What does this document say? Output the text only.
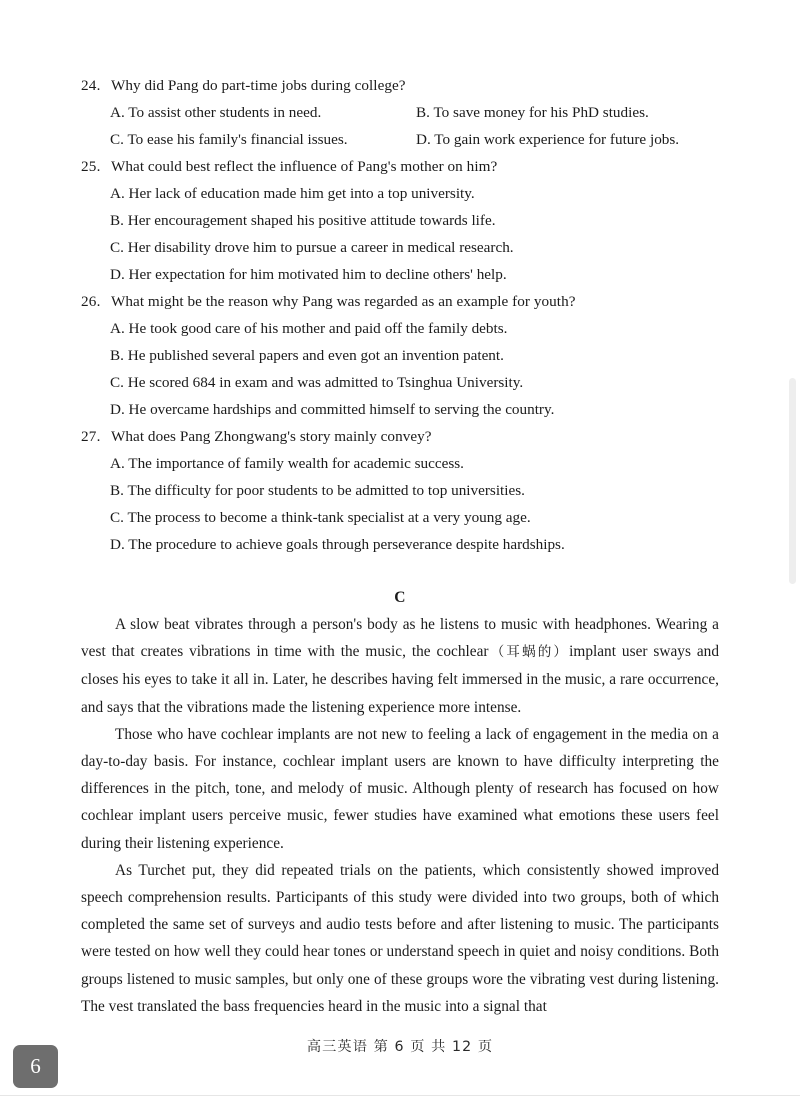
24. Why did Pang do part-time jobs during college?
A. To assist other students in need.	B. To save money for his PhD studies.
C. To ease his family's financial issues.	D. To gain work experience for future jobs.
25. What could best reflect the influence of Pang's mother on him?
A. Her lack of education made him get into a top university.
B. Her encouragement shaped his positive attitude towards life.
C. Her disability drove him to pursue a career in medical research.
D. Her expectation for him motivated him to decline others' help.
26. What might be the reason why Pang was regarded as an example for youth?
A. He took good care of his mother and paid off the family debts.
B. He published several papers and even got an invention patent.
C. He scored 684 in exam and was admitted to Tsinghua University.
D. He overcame hardships and committed himself to serving the country.
27. What does Pang Zhongwang's story mainly convey?
A. The importance of family wealth for academic success.
B. The difficulty for poor students to be admitted to top universities.
C. The process to become a think-tank specialist at a very young age.
D. The procedure to achieve goals through perseverance despite hardships.
C

A slow beat vibrates through a person's body as he listens to music with headphones. Wearing a vest that creates vibrations in time with the music, the cochlear（耳蜗的）implant user sways and closes his eyes to take it all in. Later, he describes having felt immersed in the music, a rare occurrence, and says that the vibrations made the listening experience more intense.

Those who have cochlear implants are not new to feeling a lack of engagement in the media on a day-to-day basis. For instance, cochlear implant users are known to have difficulty interpreting the differences in the pitch, tone, and melody of music. Although plenty of research has focused on how cochlear implant users perceive music, fewer studies have examined what emotions these users feel during their listening experience.

As Turchet put, they did repeated trials on the patients, which consistently showed improved speech comprehension results. Participants of this study were divided into two groups, both of which completed the same set of surveys and audio tests before and after listening to music. The participants were tested on how well they could hear tones or understand speech in quiet and noisy conditions. Both groups listened to music samples, but only one of these groups wore the vibrating vest during listening. The vest translated the bass frequencies heard in the music into a signal that

高三英语 第 6 页 共 12 页
6
